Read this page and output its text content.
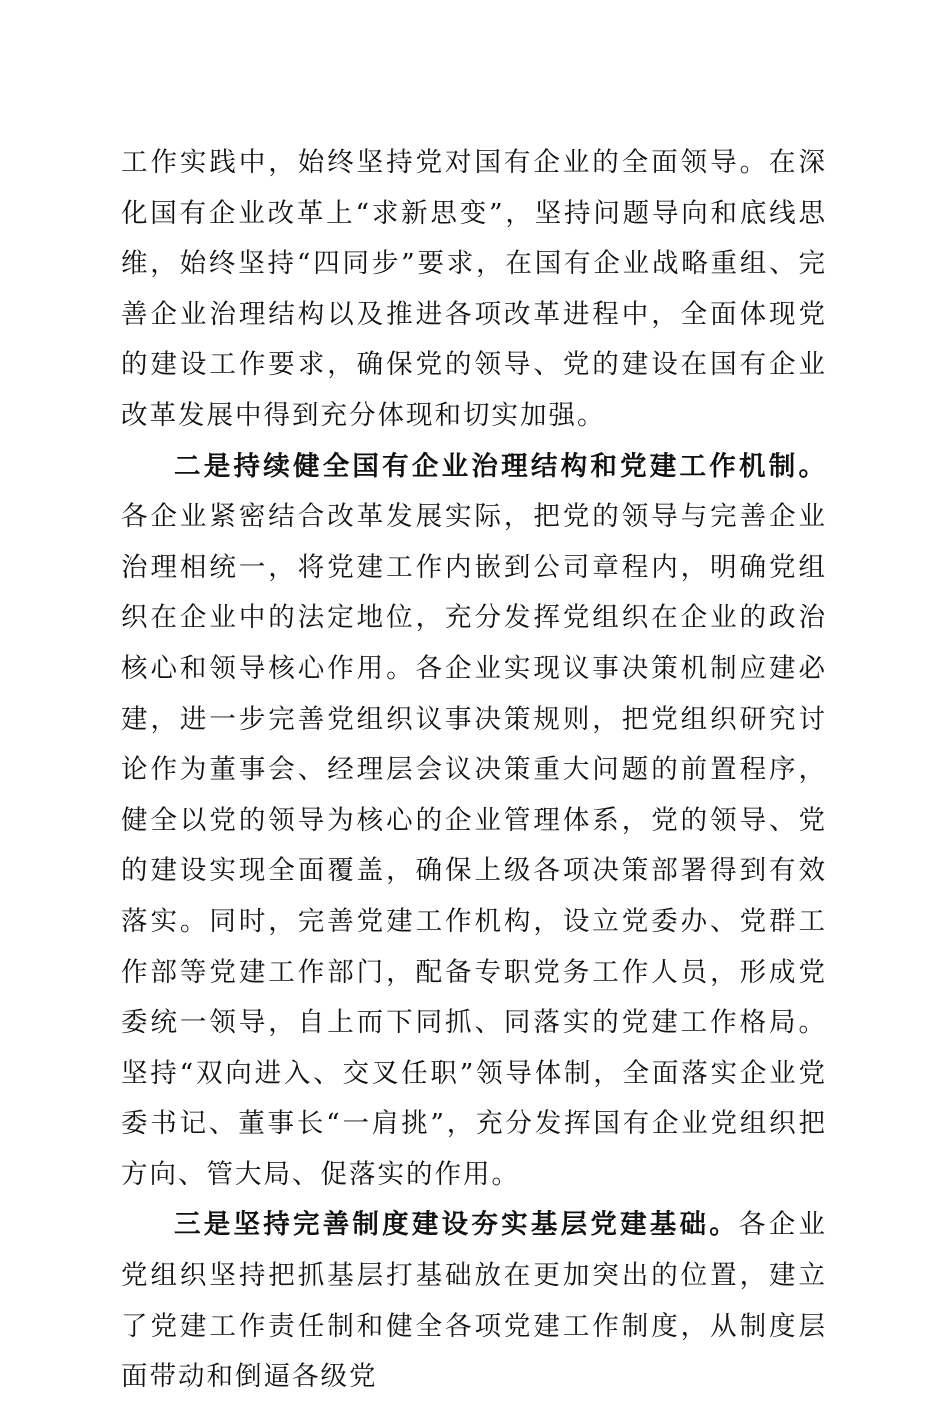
工作实践中，始终坚持党对国有企业的全面领导。在深化国有企业改革上“求新思变”，坚持问题导向和底线思维，始终坚持“四同步”要求，在国有企业战略重组、完善企业治理结构以及推进各项改革进程中，全面体现党的建设工作要求，确保党的领导、党的建设在国有企业改革发展中得到充分体现和切实加强。

二是持续健全国有企业治理结构和党建工作机制。各企业紧密结合改革发展实际，把党的领导与完善企业治理相统一，将党建工作内嵌到公司章程内，明确党组织在企业中的法定地位，充分发挥党组织在企业的政治核心和领导核心作用。各企业实现议事决策机制应建必建，进一步完善党组织议事决策规则，把党组织研究讨论作为董事会、经理层会议决策重大问题的前置程序，健全以党的领导为核心的企业管理体系，党的领导、党的建设实现全面覆盖，确保上级各项决策部署得到有效落实。同时，完善党建工作机构，设立党委办、党群工作部等党建工作部门，配备专职党务工作人员，形成党委统一领导，自上而下同抓、同落实的党建工作格局。坚持“双向进入、交叉任职”领导体制，全面落实企业党委书记、董事长“一肩挑”，充分发挥国有企业党组织把方向、管大局、促落实的作用。

三是坚持完善制度建设夯实基层党建基础。各企业党组织坚持把抓基层打基础放在更加突出的位置，建立了党建工作责任制和健全各项党建工作制度，从制度层面带动和倒逼各级党
